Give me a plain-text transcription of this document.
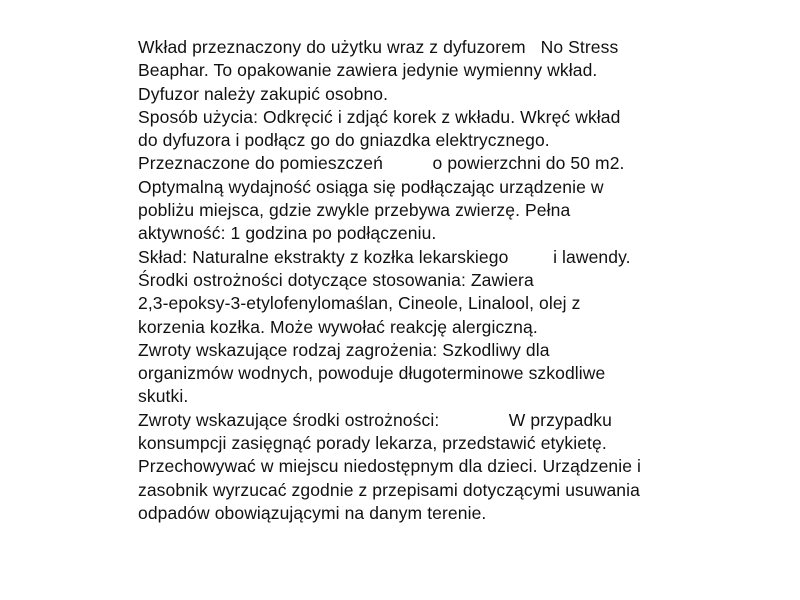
Wkład przeznaczony do użytku wraz z dyfuzorem   No Stress
Beaphar. To opakowanie zawiera jedynie wymienny wkład.
Dyfuzor należy zakupić osobno.
Sposób użycia: Odkręcić i zdjąć korek z wkładu. Wkręć wkład
do dyfuzora i podłącz go do gniazdka elektrycznego.
Przeznaczone do pomieszczeń          o powierzchni do 50 m2.
Optymalną wydajność osiąga się podłączając urządzenie w
pobliżu miejsca, gdzie zwykle przebywa zwierzę. Pełna
aktywność: 1 godzina po podłączeniu.
Skład: Naturalne ekstrakty z kozłka lekarskiego         i lawendy.
Środki ostrożności dotyczące stosowania: Zawiera
2,3-epoksy-3-etylofenylomaślan, Cineole, Linalool, olej z
korzenia kozłka. Może wywołać reakcję alergiczną.
Zwroty wskazujące rodzaj zagrożenia: Szkodliwy dla
organizmów wodnych, powoduje długoterminowe szkodliwe
skutki.
Zwroty wskazujące środki ostrożności:              W przypadku
konsumpcji zasięgnąć porady lekarza, przedstawić etykietę.
Przechowywać w miejscu niedostępnym dla dzieci. Urządzenie i
zasobnik wyrzucać zgodnie z przepisami dotyczącymi usuwania
odpadów obowiązującymi na danym terenie.
